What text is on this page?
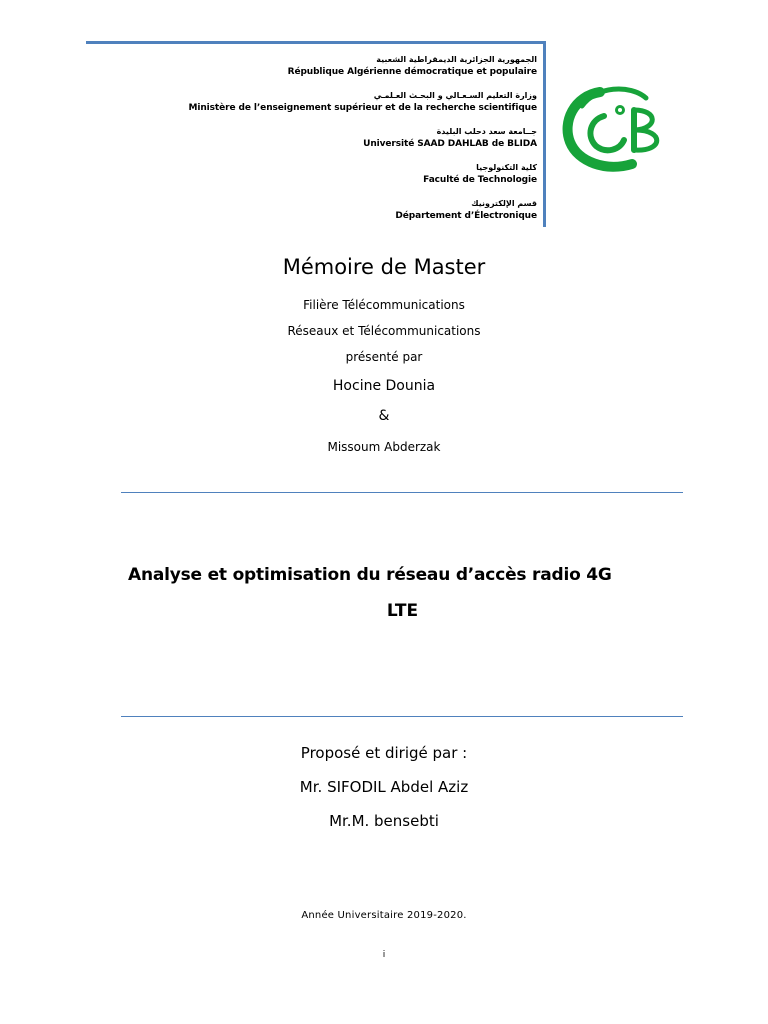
الجمهورية الجزائرية الديمقراطية الشعبية
République Algérienne démocratique et populaire
وزارة التعليم السـعـالي و البحـث العـلمـي
Ministère de l’enseignement supérieur et de la recherche scientifique
جــامعة سعد دحلب البليدة
Université SAAD DAHLAB de BLIDA
كلية التكنولوجيا
Faculté de Technologie
قسم الإلكترونيك
Département d’Électronique
Mémoire de Master
Filière Télécommunications
Réseaux et Télécommunications
présenté par
Hocine Dounia
&
Missoum Abderzak
Analyse et optimisation du réseau d’accès radio 4G
LTE
Proposé et dirigé par :
Mr. SIFODIL Abdel Aziz
Mr.M. bensebti
Année Universitaire 2019-2020.
i
